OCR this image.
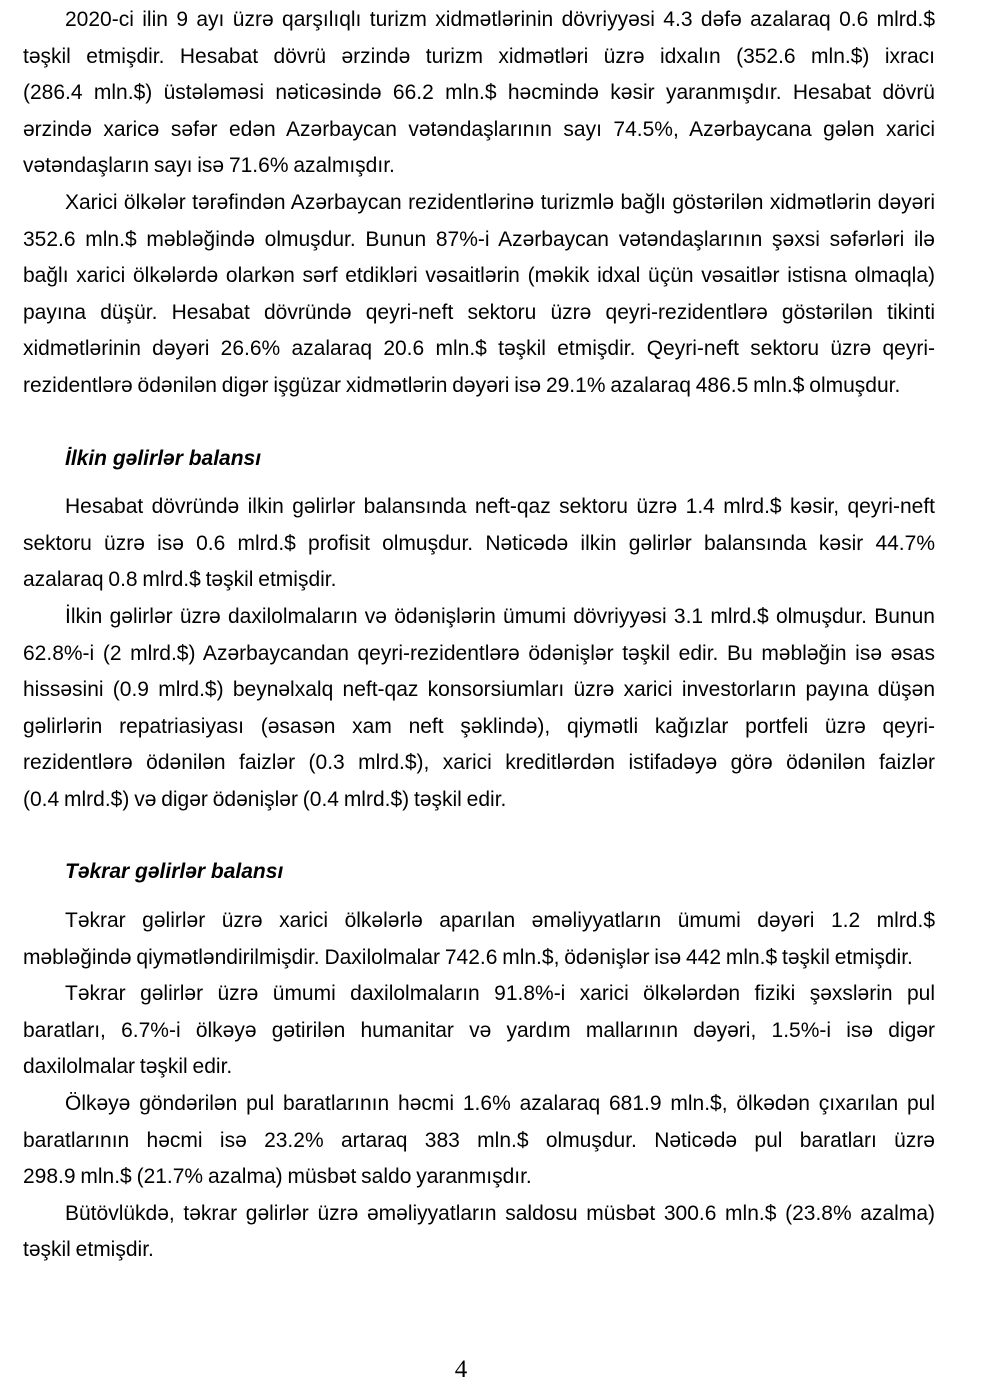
2020-ci ilin 9 ayı üzrə qarşılıqlı turizm xidmətlərinin dövriyyəsi 4.3 dəfə azalaraq 0.6 mlrd.$
təşkil etmişdir. Hesabat dövrü ərzində turizm xidmətləri üzrə idxalın (352.6 mln.$) ixracı
(286.4 mln.$) üstələməsi nəticəsində 66.2 mln.$ həcmində kəsir yaranmışdır. Hesabat dövrü
ərzində xaricə səfər edən Azərbaycan vətəndaşlarının sayı 74.5%, Azərbaycana gələn xarici
vətəndaşların sayı isə 71.6% azalmışdır.
Xarici ölkələr tərəfindən Azərbaycan rezidentlərinə turizmlə bağlı göstərilən xidmətlərin dəyəri
352.6 mln.$ məbləğində olmuşdur. Bunun 87%-i Azərbaycan vətəndaşlarının şəxsi səfərləri ilə
bağlı xarici ölkələrdə olarkən sərf etdikləri vəsaitlərin (məkik idxal üçün vəsaitlər istisna olmaqla)
payına düşür. Hesabat dövründə qeyri-neft sektoru üzrə qeyri-rezidentlərə göstərilən tikinti
xidmətlərinin dəyəri 26.6% azalaraq 20.6 mln.$ təşkil etmişdir. Qeyri-neft sektoru üzrə qeyri-
rezidentlərə ödənilən digər işgüzar xidmətlərin dəyəri isə 29.1% azalaraq 486.5 mln.$ olmuşdur.
İlkin gəlirlər balansı
Hesabat dövründə ilkin gəlirlər balansında neft-qaz sektoru üzrə 1.4 mlrd.$ kəsir, qeyri-neft
sektoru üzrə isə 0.6 mlrd.$ profisit olmuşdur. Nəticədə ilkin gəlirlər balansında kəsir 44.7%
azalaraq 0.8 mlrd.$ təşkil etmişdir.
İlkin gəlirlər üzrə daxilolmaların və ödənişlərin ümumi dövriyyəsi 3.1 mlrd.$ olmuşdur. Bunun
62.8%-i (2 mlrd.$) Azərbaycandan qeyri-rezidentlərə ödənişlər təşkil edir. Bu məbləğin isə əsas
hissəsini (0.9 mlrd.$) beynəlxalq neft-qaz konsorsiumları üzrə xarici investorların payına düşən
gəlirlərin repatriasiyası (əsasən xam neft şəklində), qiymətli kağızlar portfeli üzrə qeyri-
rezidentlərə ödənilən faizlər (0.3 mlrd.$), xarici kreditlərdən istifadəyə görə ödənilən faizlər
(0.4 mlrd.$) və digər ödənişlər (0.4 mlrd.$) təşkil edir.
Təkrar gəlirlər balansı
Təkrar gəlirlər üzrə xarici ölkələrlə aparılan əməliyyatların ümumi dəyəri 1.2 mlrd.$
məbləğində qiymətləndirilmişdir. Daxilolmalar 742.6 mln.$, ödənişlər isə 442 mln.$ təşkil etmişdir.
Təkrar gəlirlər üzrə ümumi daxilolmaların 91.8%-i xarici ölkələrdən fiziki şəxslərin pul
baratları, 6.7%-i ölkəyə gətirilən humanitar və yardım mallarının dəyəri, 1.5%-i isə digər
daxilolmalar təşkil edir.
Ölkəyə göndərilən pul baratlarının həcmi 1.6% azalaraq 681.9 mln.$, ölkədən çıxarılan pul
baratlarının həcmi isə 23.2% artaraq 383 mln.$ olmuşdur. Nəticədə pul baratları üzrə
298.9 mln.$ (21.7% azalma) müsbət saldo yaranmışdır.
Bütövlükdə, təkrar gəlirlər üzrə əməliyyatların saldosu müsbət 300.6 mln.$ (23.8% azalma)
təşkil etmişdir.
4
